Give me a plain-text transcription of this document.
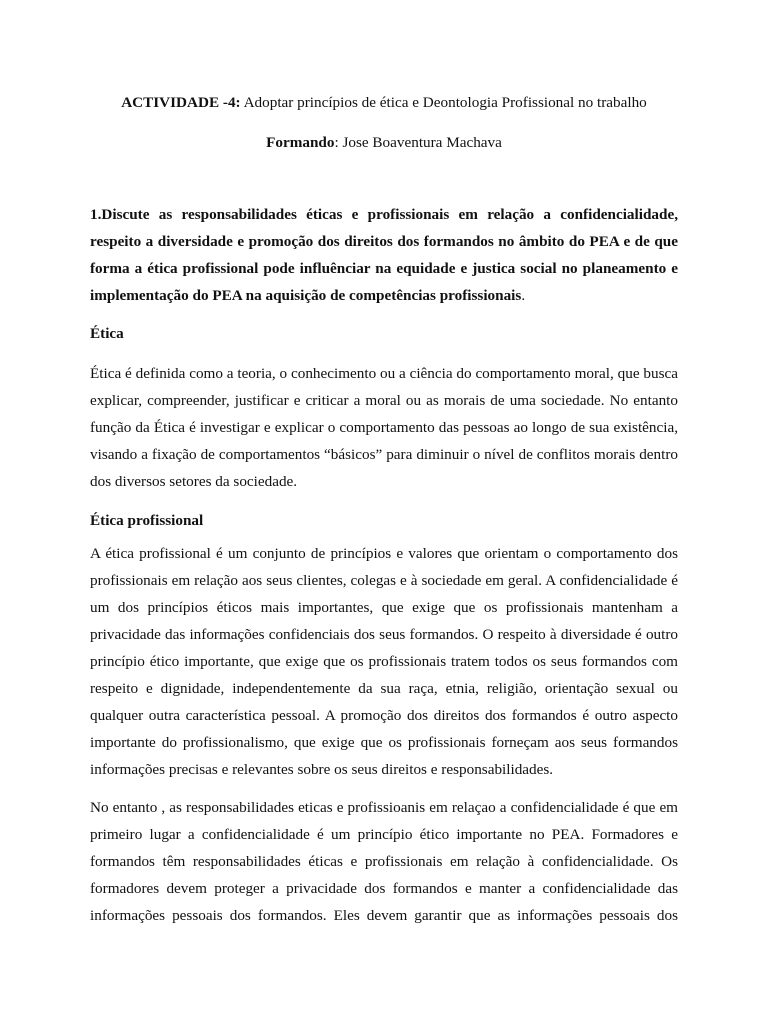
ACTIVIDADE -4: Adoptar princípios de ética e Deontologia Profissional no trabalho
Formando: Jose Boaventura Machava
1.Discute as responsabilidades éticas e profissionais em relação a confidencialidade,
respeito a diversidade e promoção dos direitos dos formandos no âmbito do PEA e de que
forma a ética profissional pode influênciar na equidade e justica social no planeamento e
implementação do PEA na aquisição de competências profissionais.
Ética
Ética é definida como a teoria, o conhecimento ou a ciência do comportamento moral, que busca
explicar, compreender, justificar e criticar a moral ou as morais de uma sociedade. No entanto
função da Ética é investigar e explicar o comportamento das pessoas ao longo de sua existência,
visando a fixação de comportamentos “básicos” para diminuir o nível de conflitos morais dentro
dos diversos setores da sociedade.
Ética profissional
A ética profissional é um conjunto de princípios e valores que orientam o comportamento dos
profissionais em relação aos seus clientes, colegas e à sociedade em geral. A confidencialidade é
um dos princípios éticos mais importantes, que exige que os profissionais mantenham a
privacidade das informações confidenciais dos seus formandos. O respeito à diversidade é outro
princípio ético importante, que exige que os profissionais tratem todos os seus formandos com
respeito e dignidade, independentemente da sua raça, etnia, religião, orientação sexual ou
qualquer outra característica pessoal. A promoção dos direitos dos formandos é outro aspecto
importante do profissionalismo, que exige que os profissionais forneçam aos seus formandos
informações precisas e relevantes sobre os seus direitos e responsabilidades.
No entanto , as responsabilidades eticas e profissioanis em relaçao a confidencialidade é que em
primeiro lugar a confidencialidade é um princípio ético importante no PEA. Formadores e
formandos têm responsabilidades éticas e profissionais em relação à confidencialidade. Os
formadores devem proteger a privacidade dos formandos e manter a confidencialidade das
informações pessoais dos formandos. Eles devem garantir que as informações pessoais dos
